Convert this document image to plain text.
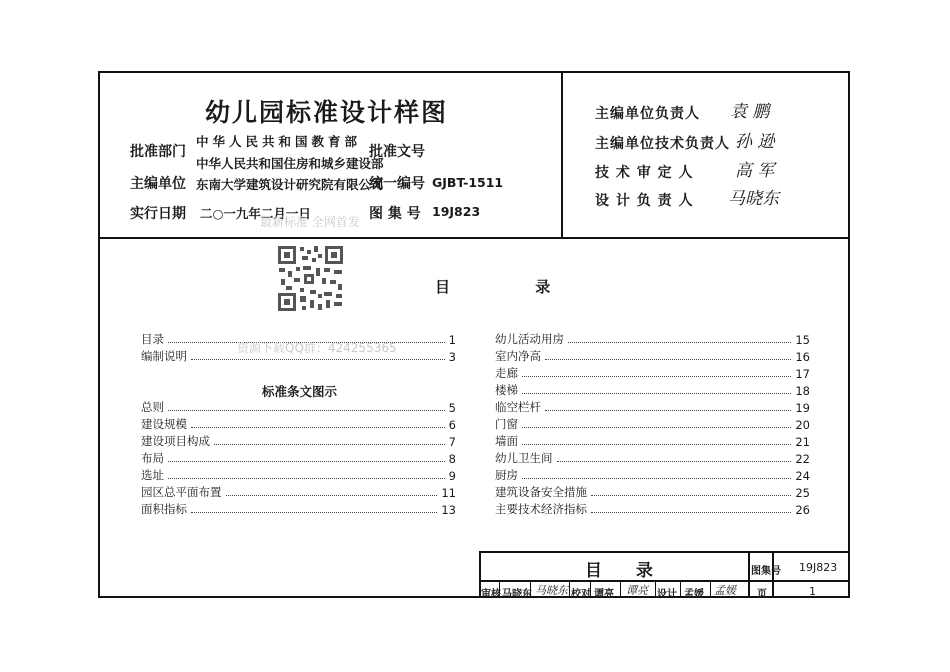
幼儿园标准设计样图
批准部门
中华人民共和国教育部
中华人民共和国住房和城乡建设部
批准文号
主编单位 东南大学建筑设计研究院有限公司
统一编号 GJBT-1511
实行日期 二○一九年二月一日	图 集 号 19J823
最新标准 全网首发
主编单位负责人 袁 鹏
主编单位技术负责人 孙 逊
技 术 审 定 人 高 军
设 计 负 责 人 马晓东
目 录
目录	1
编制说明	3
资源下载QQ群：424255365
标准条文图示
总则	5
建设规模	6
建设项目构成	7
布局	8
选址	9
园区总平面布置	11
面积指标	13
幼儿活动用房	15
室内净高	16
走廊	17
楼梯	18
临空栏杆	19
门窗	20
墙面	21
幼儿卫生间	22
厨房	24
建筑设备安全措施	25
主要技术经济指标	26
目 录	图集号 19J823
审核 马晓东 马晓东 校对 谭亮 谭亮 设计 孟媛 孟媛 页	1
